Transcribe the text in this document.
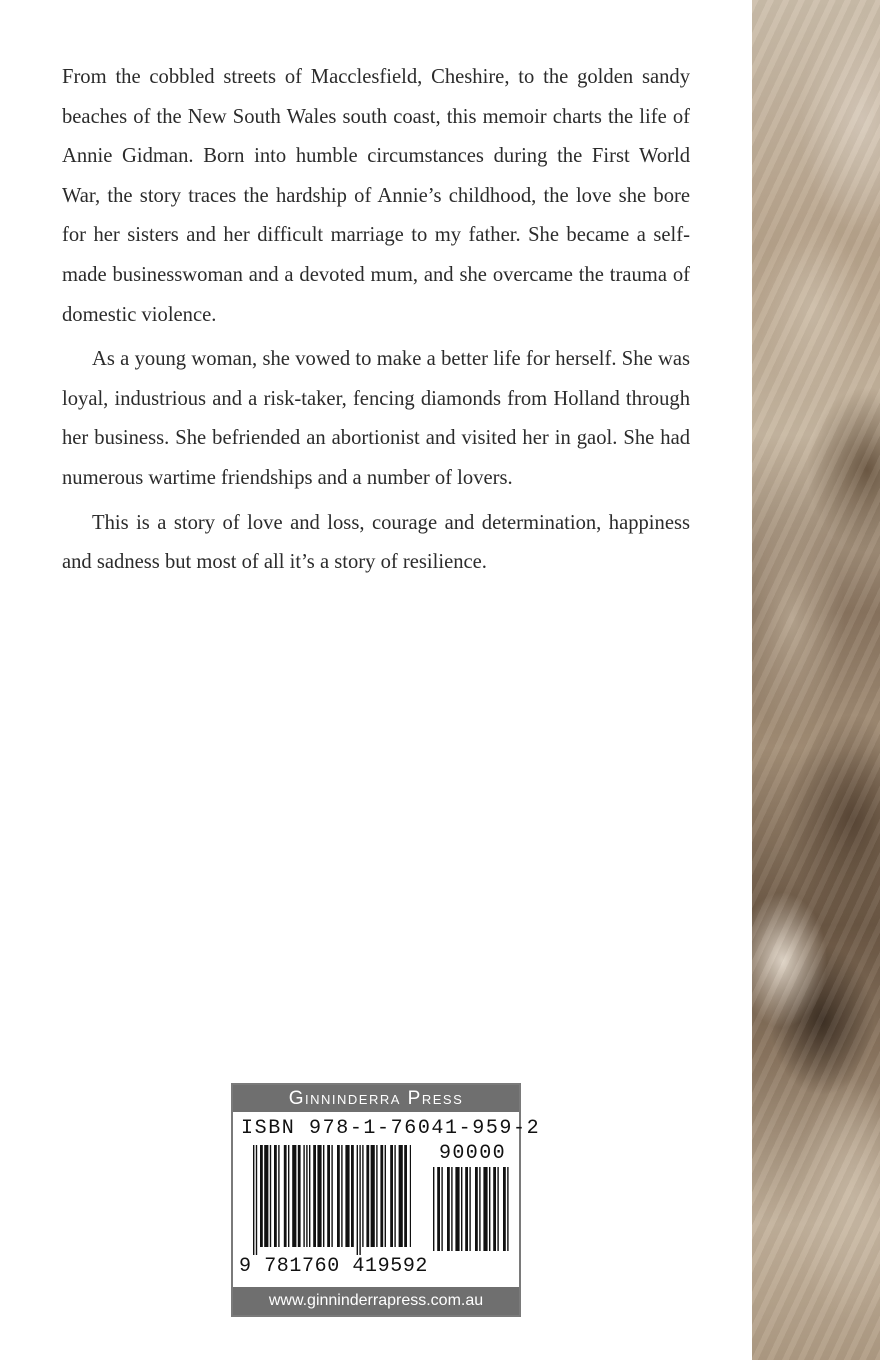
From the cobbled streets of Macclesfield, Cheshire, to the golden sandy beaches of the New South Wales south coast, this memoir charts the life of Annie Gidman. Born into humble circumstances during the First World War, the story traces the hardship of Annie’s childhood, the love she bore for her sisters and her difficult marriage to my father. She became a self-made businesswoman and a devoted mum, and she overcame the trauma of domestic violence.

As a young woman, she vowed to make a better life for herself. She was loyal, industrious and a risk-taker, fencing diamonds from Holland through her business. She befriended an abortionist and visited her in gaol. She had numerous wartime friendships and a number of lovers.

This is a story of love and loss, courage and determination, happiness and sadness but most of all it’s a story of resilience.

Ginninderra Press
ISBN 978-1-76041-959-2
90000
9 781760 419592
www.ginninderrapress.com.au
